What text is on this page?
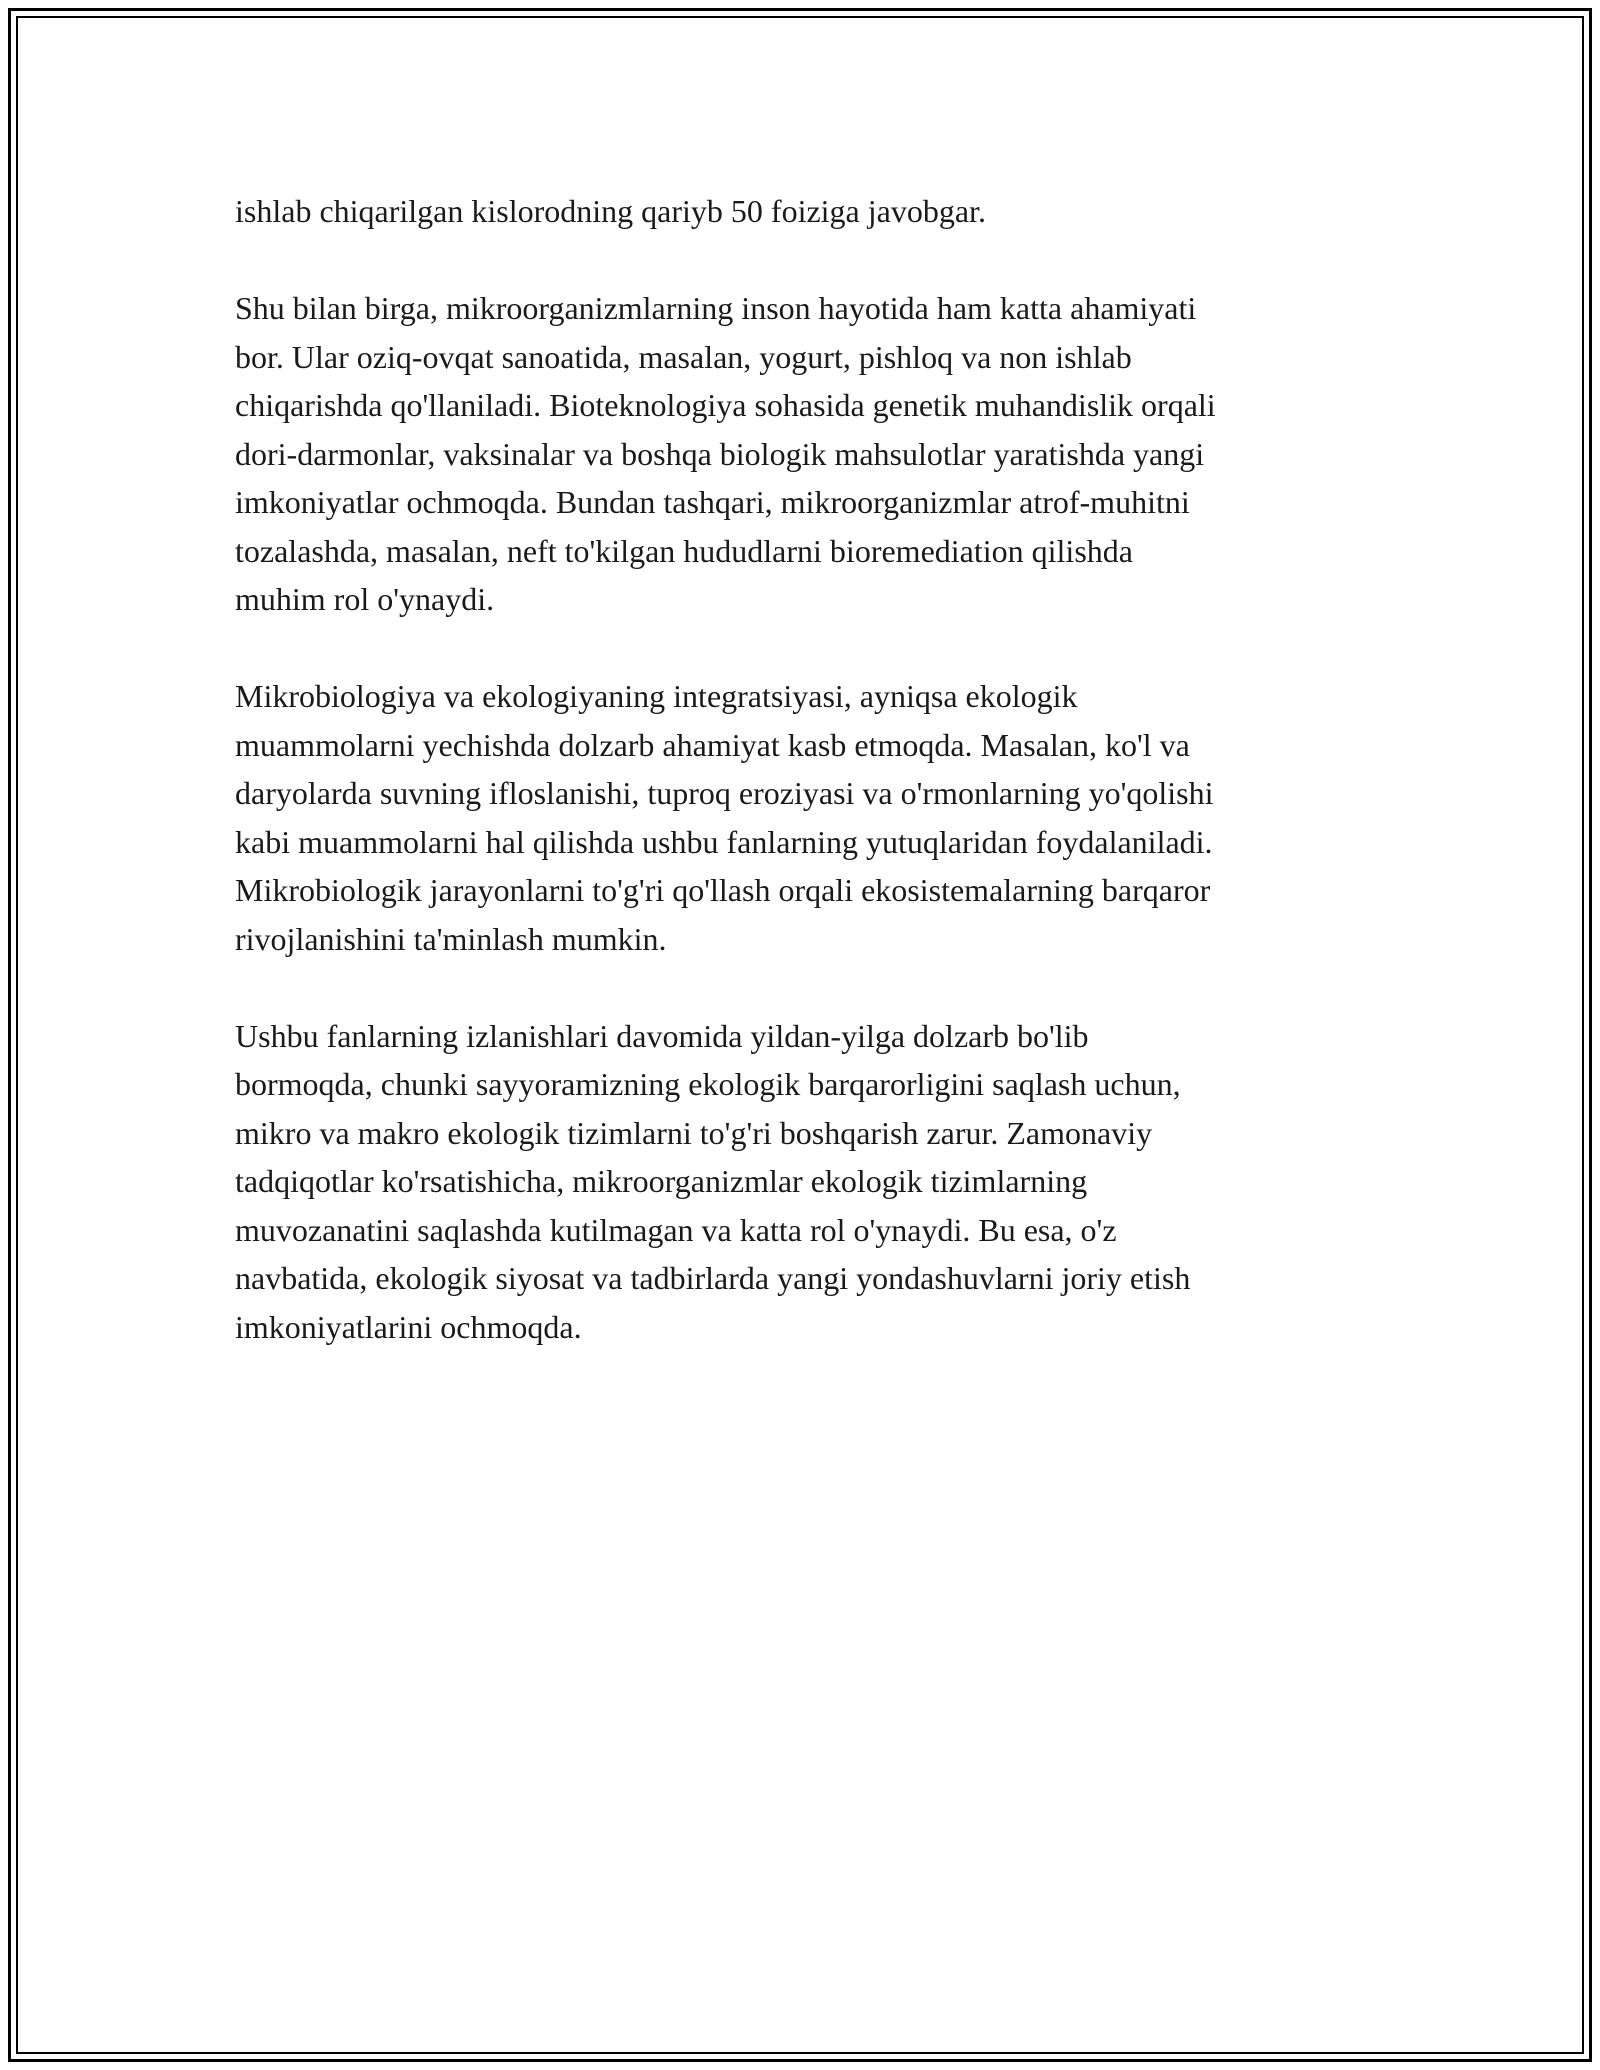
ishlab chiqarilgan kislorodning qariyb 50 foiziga javobgar.

Shu bilan birga, mikroorganizmlarning inson hayotida ham katta ahamiyati
bor. Ular oziq-ovqat sanoatida, masalan, yogurt, pishloq va non ishlab
chiqarishda qo'llaniladi. Bioteknologiya sohasida genetik muhandislik orqali
dori-darmonlar, vaksinalar va boshqa biologik mahsulotlar yaratishda yangi
imkoniyatlar ochmoqda. Bundan tashqari, mikroorganizmlar atrof-muhitni
tozalashda, masalan, neft to'kilgan hududlarni bioremediation qilishda
muhim rol o'ynaydi.

Mikrobiologiya va ekologiyaning integratsiyasi, ayniqsa ekologik
muammolarni yechishda dolzarb ahamiyat kasb etmoqda. Masalan, ko'l va
daryolarda suvning ifloslanishi, tuproq eroziyasi va o'rmonlarning yo'qolishi
kabi muammolarni hal qilishda ushbu fanlarning yutuqlaridan foydalaniladi.
Mikrobiologik jarayonlarni to'g'ri qo'llash orqali ekosistemalarning barqaror
rivojlanishini ta'minlash mumkin.

Ushbu fanlarning izlanishlari davomida yildan-yilga dolzarb bo'lib
bormoqda, chunki sayyoramizning ekologik barqarorligini saqlash uchun,
mikro va makro ekologik tizimlarni to'g'ri boshqarish zarur. Zamonaviy
tadqiqotlar ko'rsatishicha, mikroorganizmlar ekologik tizimlarning
muvozanatini saqlashda kutilmagan va katta rol o'ynaydi. Bu esa, o'z
navbatida, ekologik siyosat va tadbirlarda yangi yondashuvlarni joriy etish
imkoniyatlarini ochmoqda.
